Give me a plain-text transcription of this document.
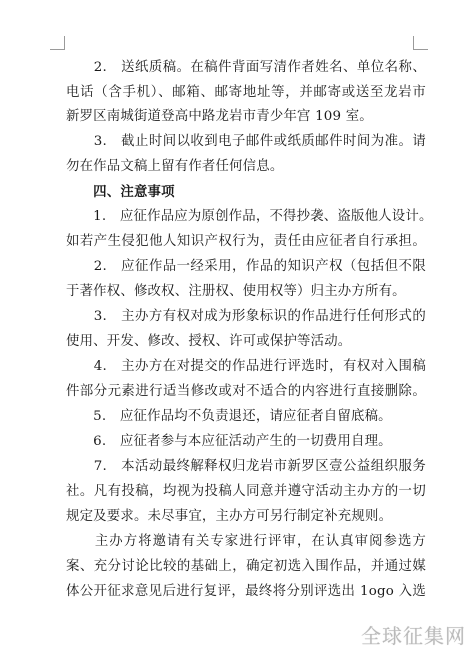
　　2.　送纸质稿。在稿件背面写清作者姓名、单位名称、
电话（含手机）、邮箱、邮寄地址等，并邮寄或送至龙岩市
新罗区南城街道登高中路龙岩市青少年宫 109 室。
　　3.　截止时间以收到电子邮件或纸质邮件时间为准。请
勿在作品文稿上留有作者任何信息。
　　四、注意事项
　　1.　应征作品应为原创作品，不得抄袭、盗版他人设计。
如若产生侵犯他人知识产权行为，责任由应征者自行承担。
　　2.　应征作品一经采用，作品的知识产权（包括但不限
于著作权、修改权、注册权、使用权等）归主办方所有。
　　3.　主办方有权对成为形象标识的作品进行任何形式的
使用、开发、修改、授权、许可或保护等活动。
　　4.　主办方在对提交的作品进行评选时，有权对入围稿
件部分元素进行适当修改或对不适合的内容进行直接删除。
　　5.　应征作品均不负责退还，请应征者自留底稿。
　　6.　应征者参与本应征活动产生的一切费用自理。
　　7.　本活动最终解释权归龙岩市新罗区壹公益组织服务
社。凡有投稿，均视为投稿人同意并遵守活动主办方的一切
规定及要求。未尽事宜，主办方可另行制定补充规则。
　　主办方将邀请有关专家进行评审，在认真审阅参选方
案、充分讨论比较的基础上，确定初选入围作品，并通过媒
体公开征求意见后进行复评，最终将分别评选出 1ogo 入选
全球征集网
